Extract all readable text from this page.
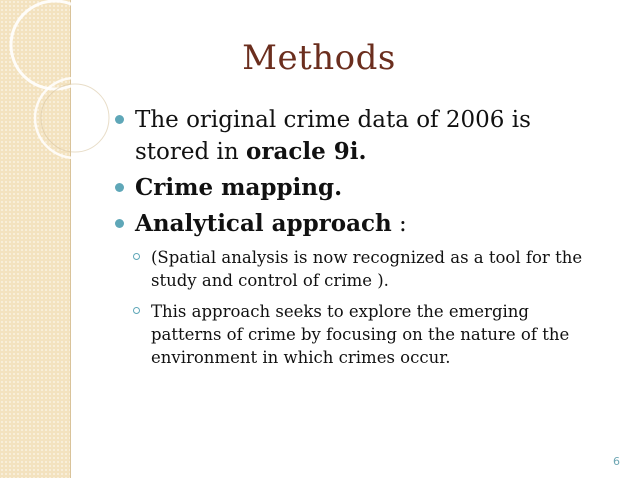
Methods
The original crime data of 2006 is stored in oracle 9i.
Crime mapping.
Analytical approach :
(Spatial analysis is now recognized as a tool for the study and control of crime ).
This approach seeks to explore the emerging patterns of crime by focusing on the nature of the environment in which crimes occur.
6
